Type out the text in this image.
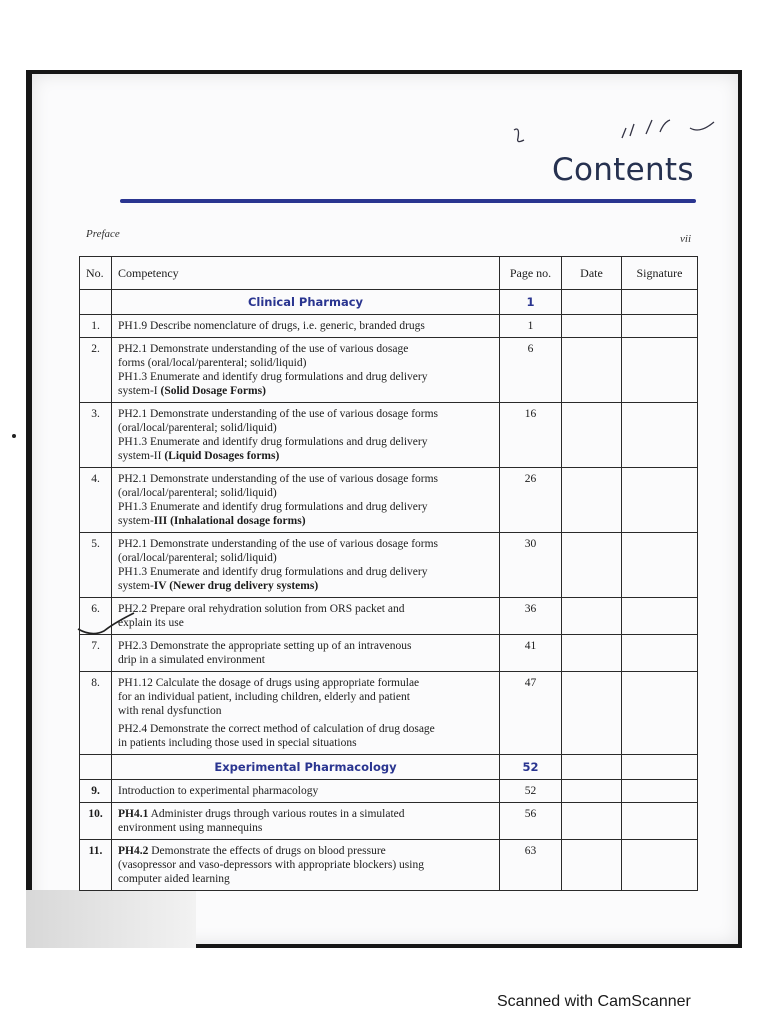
Contents
Preface	vii
No.	Competency	Page no.	Date	Signature
	Clinical Pharmacy	1		
1.	PH1.9 Describe nomenclature of drugs, i.e. generic, branded drugs	1		
2.	PH2.1 Demonstrate understanding of the use of various dosage
forms (oral/local/parenteral; solid/liquid)
PH1.3 Enumerate and identify drug formulations and drug delivery
system-I (Solid Dosage Forms)	6		
3.	PH2.1 Demonstrate understanding of the use of various dosage forms
(oral/local/parenteral; solid/liquid)
PH1.3 Enumerate and identify drug formulations and drug delivery
system-II (Liquid Dosages forms)	16		
4.	PH2.1 Demonstrate understanding of the use of various dosage forms
(oral/local/parenteral; solid/liquid)
PH1.3 Enumerate and identify drug formulations and drug delivery
system-III (Inhalational dosage forms)	26		
5.	PH2.1 Demonstrate understanding of the use of various dosage forms
(oral/local/parenteral; solid/liquid)
PH1.3 Enumerate and identify drug formulations and drug delivery
system-IV (Newer drug delivery systems)	30		
6.	PH2.2 Prepare oral rehydration solution from ORS packet and
explain its use	36		
7.	PH2.3 Demonstrate the appropriate setting up of an intravenous
drip in a simulated environment	41		
8.	PH1.12 Calculate the dosage of drugs using appropriate formulae
for an individual patient, including children, elderly and patient
with renal dysfunction
PH2.4 Demonstrate the correct method of calculation of drug dosage
in patients including those used in special situations	47		
	Experimental Pharmacology	52		
9.	Introduction to experimental pharmacology	52		
10.	PH4.1 Administer drugs through various routes in a simulated
environment using mannequins	56		
11.	PH4.2 Demonstrate the effects of drugs on blood pressure
(vasopressor and vaso-depressors with appropriate blockers) using
computer aided learning	63		
Scanned with CamScanner
